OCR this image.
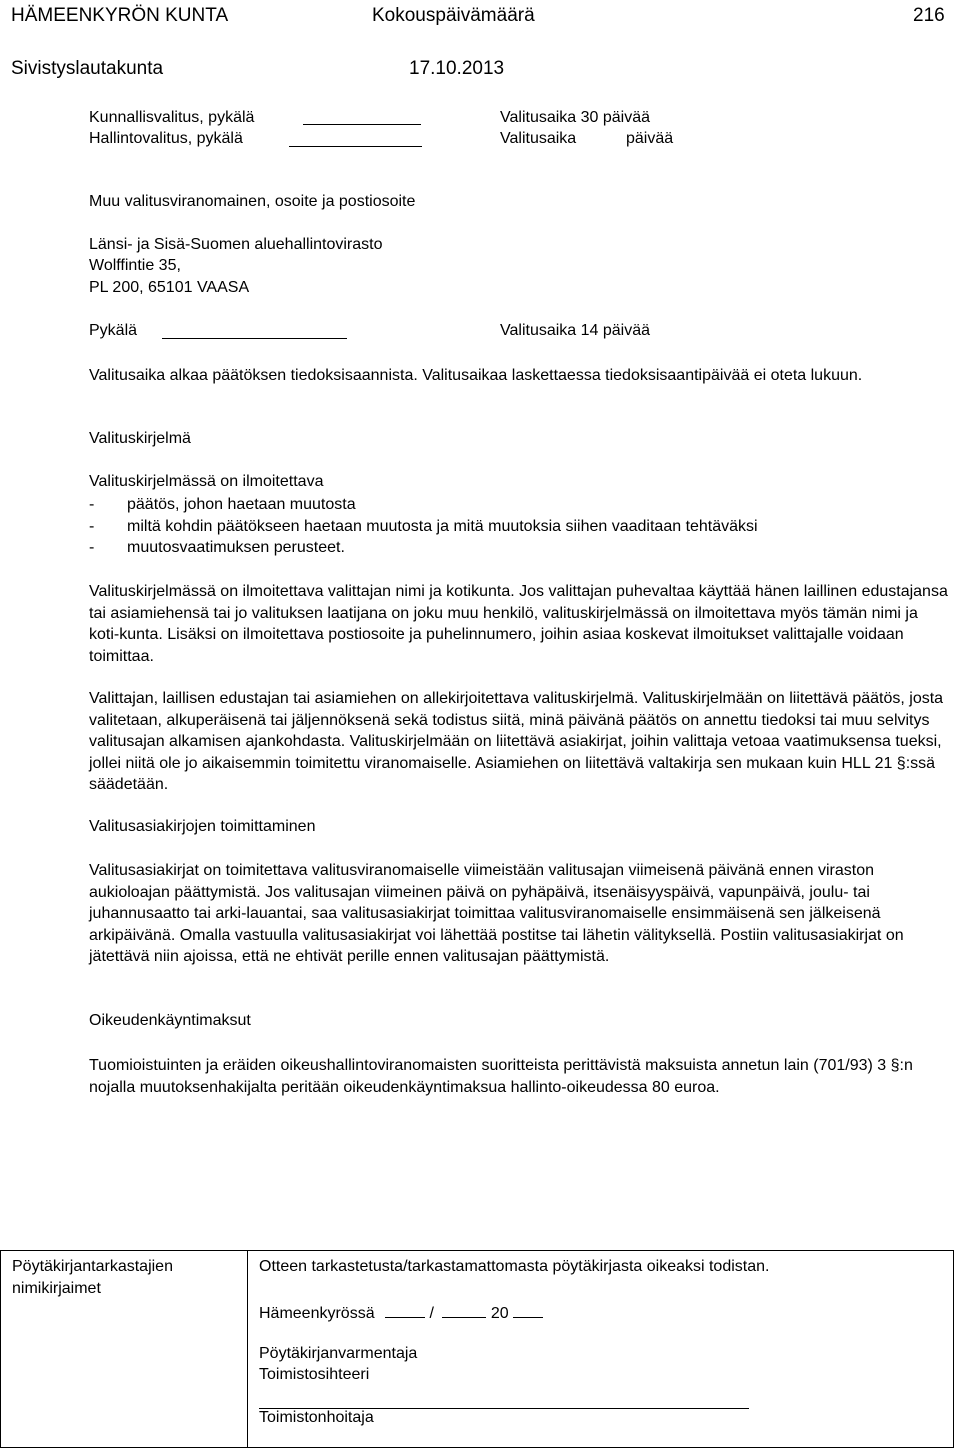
HÄMEENKYRÖN KUNTA	Kokouspäivämäärä	216
Sivistyslautakunta	17.10.2013
Kunnallisvalitus, pykälä	Valitusaika 30 päivää
Hallintovalitus, pykälä	Valitusaika	päivää
Muu valitusviranomainen, osoite ja postiosoite
Länsi- ja Sisä-Suomen aluehallintovirasto
Wolffintie 35,
PL 200, 65101 VAASA
Pykälä	Valitusaika 14 päivää
Valitusaika alkaa päätöksen tiedoksisaannista. Valitusaikaa laskettaessa tiedoksisaantipäivää ei oteta lukuun.
Valituskirjelmä
Valituskirjelmässä on ilmoitettava
- päätös, johon haetaan muutosta
- miltä kohdin päätökseen haetaan muutosta ja mitä muutoksia siihen vaaditaan tehtäväksi
- muutosvaatimuksen perusteet.
Valituskirjelmässä on ilmoitettava valittajan nimi ja kotikunta. Jos valittajan puhevaltaa käyttää hänen laillinen edustajansa tai asiamiehensä tai jo valituksen laatijana on joku muu henkilö, valituskirjelmässä on ilmoitettava myös tämän nimi ja koti-kunta. Lisäksi on ilmoitettava postiosoite ja puhelinnumero, joihin asiaa koskevat ilmoitukset valittajalle voidaan toimittaa.
Valittajan, laillisen edustajan tai asiamiehen on allekirjoitettava valituskirjelmä. Valituskirjelmään on liitettävä päätös, josta valitetaan, alkuperäisenä tai jäljennöksenä sekä todistus siitä, minä päivänä päätös on annettu tiedoksi tai muu selvitys valitusajan alkamisen ajankohdasta. Valituskirjelmään on liitettävä asiakirjat, joihin valittaja vetoaa vaatimuksensa tueksi, jollei niitä ole jo aikaisemmin toimitettu viranomaiselle. Asiamiehen on liitettävä valtakirja sen mukaan kuin HLL 21 §:ssä säädetään.
Valitusasiakirjojen toimittaminen
Valitusasiakirjat on toimitettava valitusviranomaiselle viimeistään valitusajan viimeisenä päivänä ennen viraston aukioloajan päättymistä. Jos valitusajan viimeinen päivä on pyhäpäivä, itsenäisyyspäivä, vapunpäivä, joulu- tai juhannusaatto tai arki-lauantai, saa valitusasiakirjat toimittaa valitusviranomaiselle ensimmäisenä sen jälkeisenä arkipäivänä. Omalla vastuulla valitusasiakirjat voi lähettää postitse tai lähetin välityksellä. Postiin valitusasiakirjat on jätettävä niin ajoissa, että ne ehtivät perille ennen valitusajan päättymistä.
Oikeudenkäyntimaksut
Tuomioistuinten ja eräiden oikeushallintoviranomaisten suoritteista perittävistä maksuista annetun lain (701/93) 3 §:n nojalla muutoksenhakijalta peritään oikeudenkäyntimaksua hallinto-oikeudessa 80 euroa.
Pöytäkirjantarkastajien
nimikirjaimet

Otteen tarkastetusta/tarkastamattomasta pöytäkirjasta oikeaksi todistan.
Hämeenkyrössä	/	20
Pöytäkirjanvarmentaja
Toimistosihteeri
Toimistonhoitaja
